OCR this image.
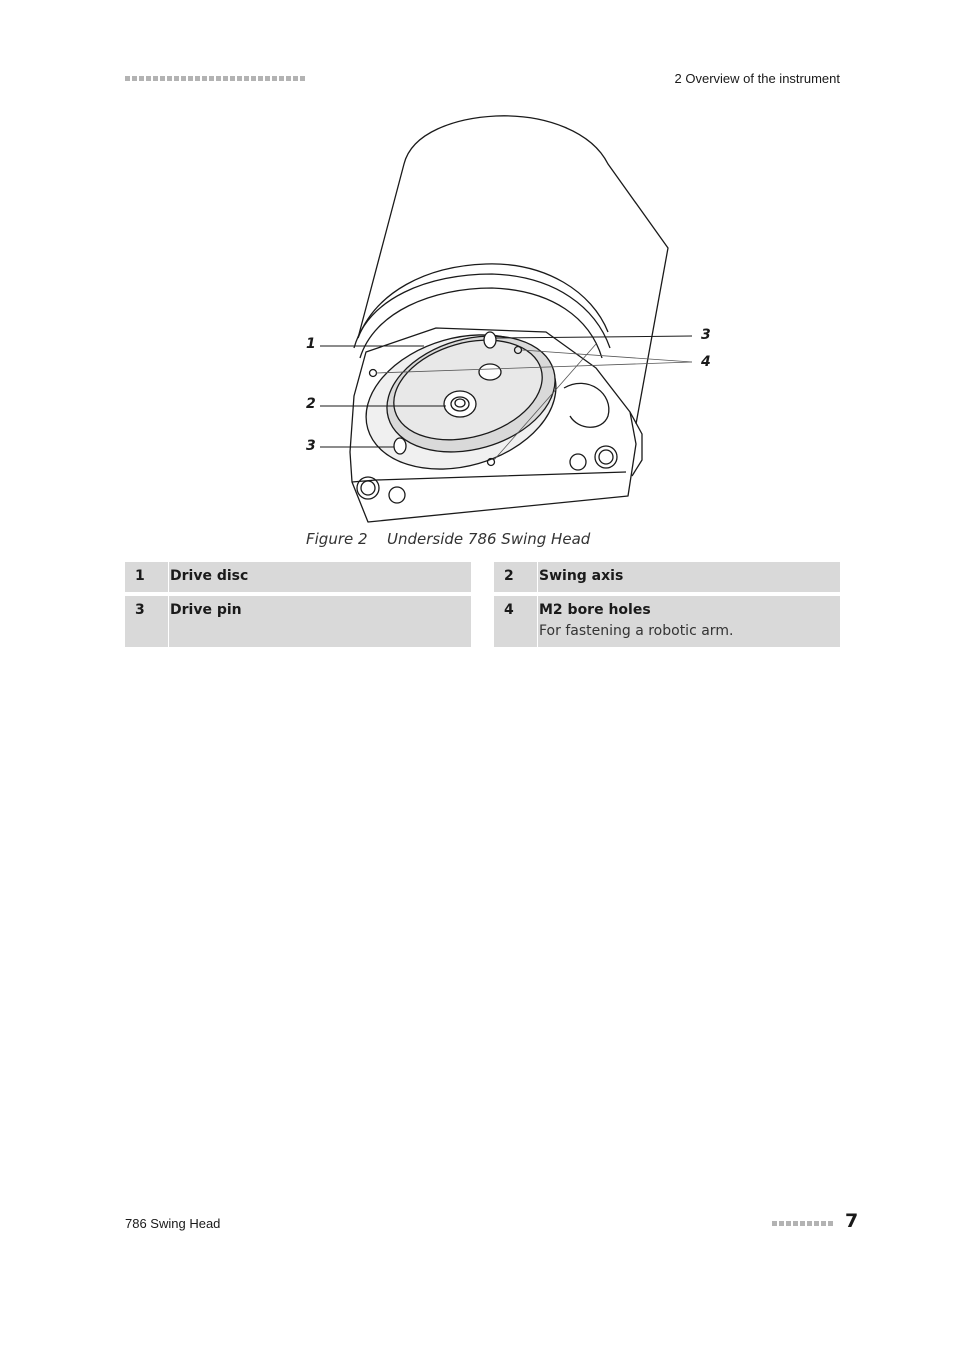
2 Overview of the instrument
1
2
3
3
4
Figure 2 Underside 786 Swing Head
1	Drive disc	2	Swing axis
3	Drive pin	4	M2 bore holes
For fastening a robotic arm.
786 Swing Head	7
